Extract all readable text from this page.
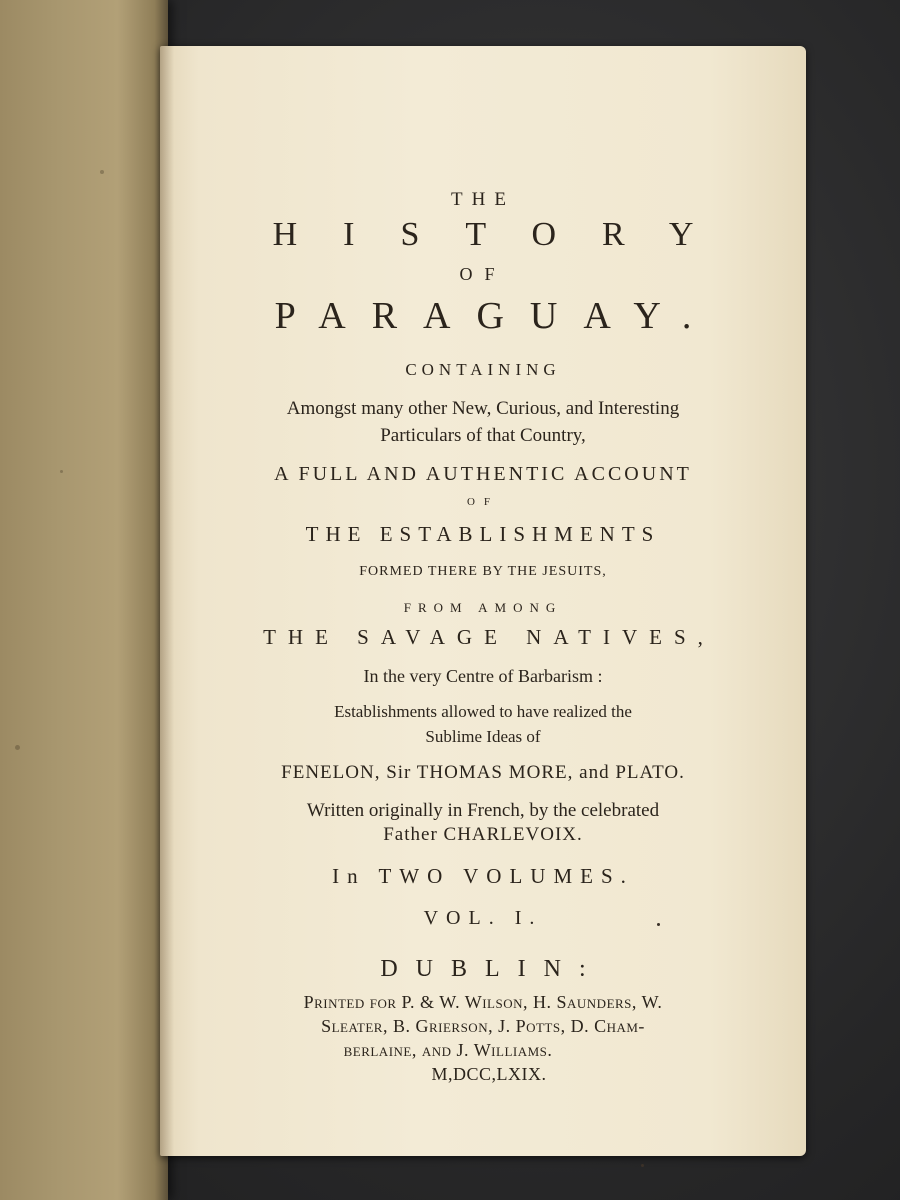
THE
HISTORY
OF
PARAGUAY.
CONTAINING
Amongst many other New, Curious, and Interesting
Particulars of that Country,
A FULL AND AUTHENTIC ACCOUNT
OF
THE ESTABLISHMENTS
FORMED THERE BY THE JESUITS,
FROM AMONG
THE SAVAGE NATIVES,
In the very Centre of Barbarism :
Establishments allowed to have realized the
Sublime Ideas of
FENELON, Sir THOMAS MORE, and PLATO.
Written originally in French, by the celebrated
Father CHARLEVOIX.
In TWO VOLUMES.
VOL. I.
DUBLIN:
Printed for P. & W. Wilson, H. Saunders, W.
Sleater, B. Grierson, J. Potts, D. Cham-
berlaine, and J. Williams.
M,DCC,LXIX.
